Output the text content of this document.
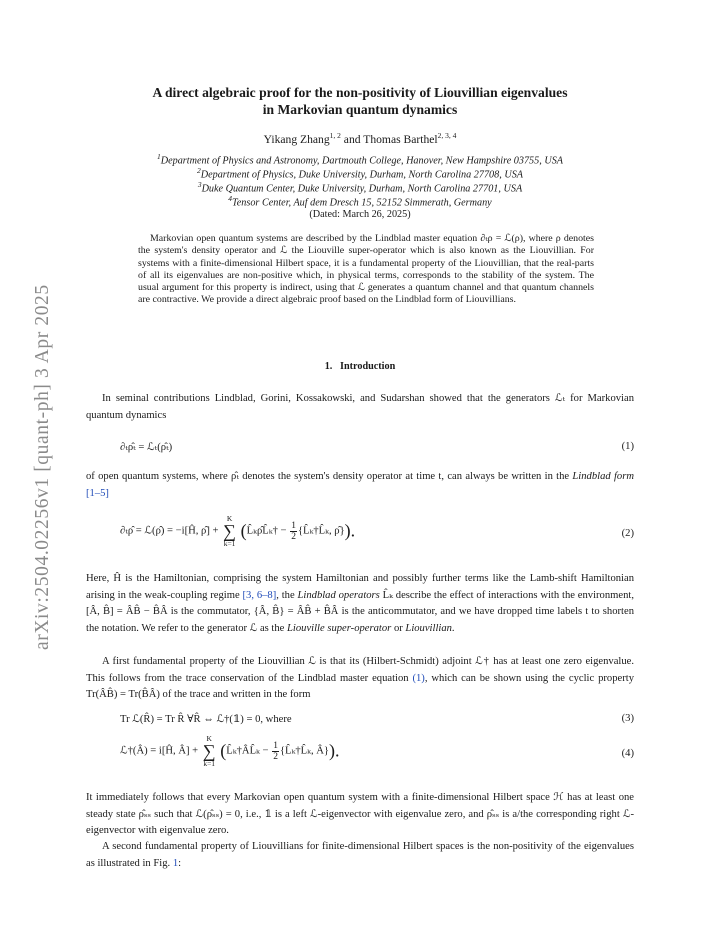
arXiv:2504.02256v1 [quant-ph] 3 Apr 2025
A direct algebraic proof for the non-positivity of Liouvillian eigenvalues
in Markovian quantum dynamics
Yikang Zhang$^{1, 2}$ and Thomas Barthel$^{2, 3, 4}$
$^1$Department of Physics and Astronomy, Dartmouth College, Hanover, New Hampshire 03755, USA
$^2$Department of Physics, Duke University, Durham, North Carolina 27708, USA
$^3$Duke Quantum Center, Duke University, Durham, North Carolina 27701, USA
$^4$Tensor Center, Auf dem Dresch 15, 52152 Simmerath, Germany
(Dated: March 26, 2025)
Markovian open quantum systems are described by the Lindblad master equation ∂ₜρ = ℒ(ρ), where ρ denotes the system's density operator and ℒ the Liouville super-operator which is also known as the Liouvillian. For systems with a finite-dimensional Hilbert space, it is a fundamental property of the Liouvillian, that the real-parts of all its eigenvalues are non-positive which, in physical terms, corresponds to the stability of the system. The usual argument for this property is indirect, using that ℒ generates a quantum channel and that quantum channels are contractive. We provide a direct algebraic proof based on the Lindblad form of Liouvillians.
1. Introduction
In seminal contributions Lindblad, Gorini, Kossakowski, and Sudarshan showed that the generators ℒₜ for Markovian quantum dynamics
∂ₜρ̂ₜ = ℒₜ(ρ̂ₜ)	(1)
of open quantum systems, where ρ̂ₜ denotes the system's density operator at time t, can always be written in the Lindblad form [1–5]
∂ₜρ̂ = ℒ(ρ̂) = −i[Ĥ, ρ̂] +
K
∑
k=1
(L̂ₖρ̂L̂ₖ† − $\frac{1}{2}$ {L̂ₖ†L̂ₖ, ρ̂}).	(2)
Here, Ĥ is the Hamiltonian, comprising the system Hamiltonian and possibly further terms like the Lamb-shift Hamiltonian arising in the weak-coupling regime [3, 6–8], the Lindblad operators L̂ₖ describe the effect of interactions with the environment, [Â, B̂] = ÂB̂ − B̂Â is the commutator, {Â, B̂} = ÂB̂ + B̂Â is the anticommutator, and we have dropped time labels t to shorten the notation. We refer to the generator ℒ as the Liouville super-operator or Liouvillian.
A first fundamental property of the Liouvillian ℒ is that its (Hilbert-Schmidt) adjoint ℒ† has at least one zero eigenvalue. This follows from the trace conservation of the Lindblad master equation (1), which can be shown using the cyclic property Tr(ÂB̂) = Tr(B̂Â) of the trace and written in the form
Tr ℒ(R̂) = Tr R̂ ∀R̂ ⇔ ℒ†(𝟙) = 0, where	(3)
ℒ†(Â) = i[Ĥ, Â] +
K
∑
k=1
(L̂ₖ†ÂL̂ₖ − $\frac{1}{2}$ {L̂ₖ†L̂ₖ, Â}).	(4)
It immediately follows that every Markovian open quantum system with a finite-dimensional Hilbert space ℋ has at least one steady state ρ̂ₛₛ such that ℒ(ρ̂ₛₛ) = 0, i.e., 𝟙 is a left ℒ-eigenvector with eigenvalue zero, and ρ̂ₛₛ is a/the corresponding right ℒ-eigenvector with eigenvalue zero.
A second fundamental property of Liouvillians for finite-dimensional Hilbert spaces is the non-positivity of the eigenvalues as illustrated in Fig. 1:
